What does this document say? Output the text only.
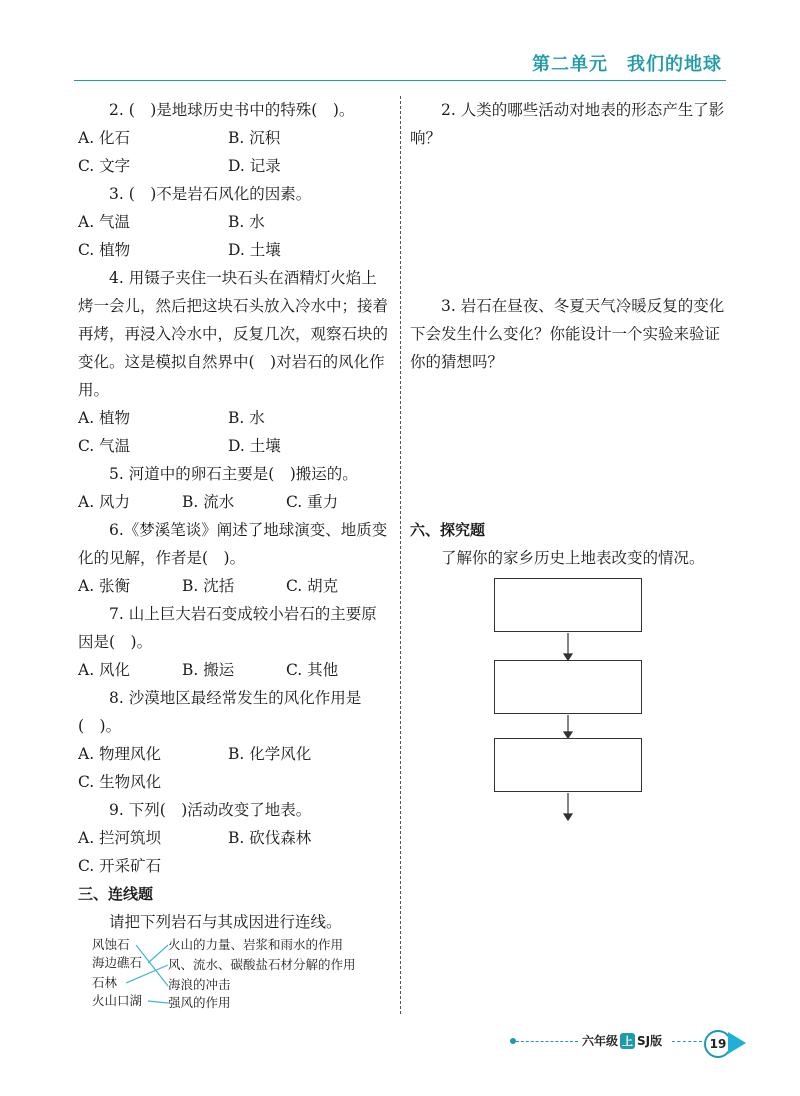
第二单元　我们的地球

2. (　)是地球历史书中的特殊(　)。

A. 化石	B. 沉积
C. 文字	D. 记录

3. (　)不是岩石风化的因素。

A. 气温	B. 水
C. 植物	D. 土壤

4. 用镊子夹住一块石头在酒精灯火焰上烤一会儿，然后把这块石头放入冷水中；接着再烤，再浸入冷水中，反复几次，观察石块的变化。这是模拟自然界中(　)对岩石的风化作用。

A. 植物	B. 水
C. 气温	D. 土壤

5. 河道中的卵石主要是(　)搬运的。

A. 风力	B. 流水	C. 重力

6.《梦溪笔谈》阐述了地球演变、地质变化的见解，作者是(　)。

A. 张衡	B. 沈括	C. 胡克

7. 山上巨大岩石变成较小岩石的主要原因是(　)。

A. 风化	B. 搬运	C. 其他

8. 沙漠地区最经常发生的风化作用是(　)。

A. 物理风化	B. 化学风化
C. 生物风化

9. 下列(　)活动改变了地表。

A. 拦河筑坝	B. 砍伐森林
C. 开采矿石

三、连线题

请把下列岩石与其成因进行连线。

风蚀石
海边礁石
石林
火山口湖
火山的力量、岩浆和雨水的作用
风、流水、碳酸盐石材分解的作用
海浪的冲击
强风的作用

2. 人类的哪些活动对地表的形态产生了影响？

3. 岩石在昼夜、冬夏天气冷暖反复的变化下会发生什么变化？你能设计一个实验来验证你的猜想吗？

六、探究题

了解你的家乡历史上地表改变的情况。

六年级 上 SJ版	19
